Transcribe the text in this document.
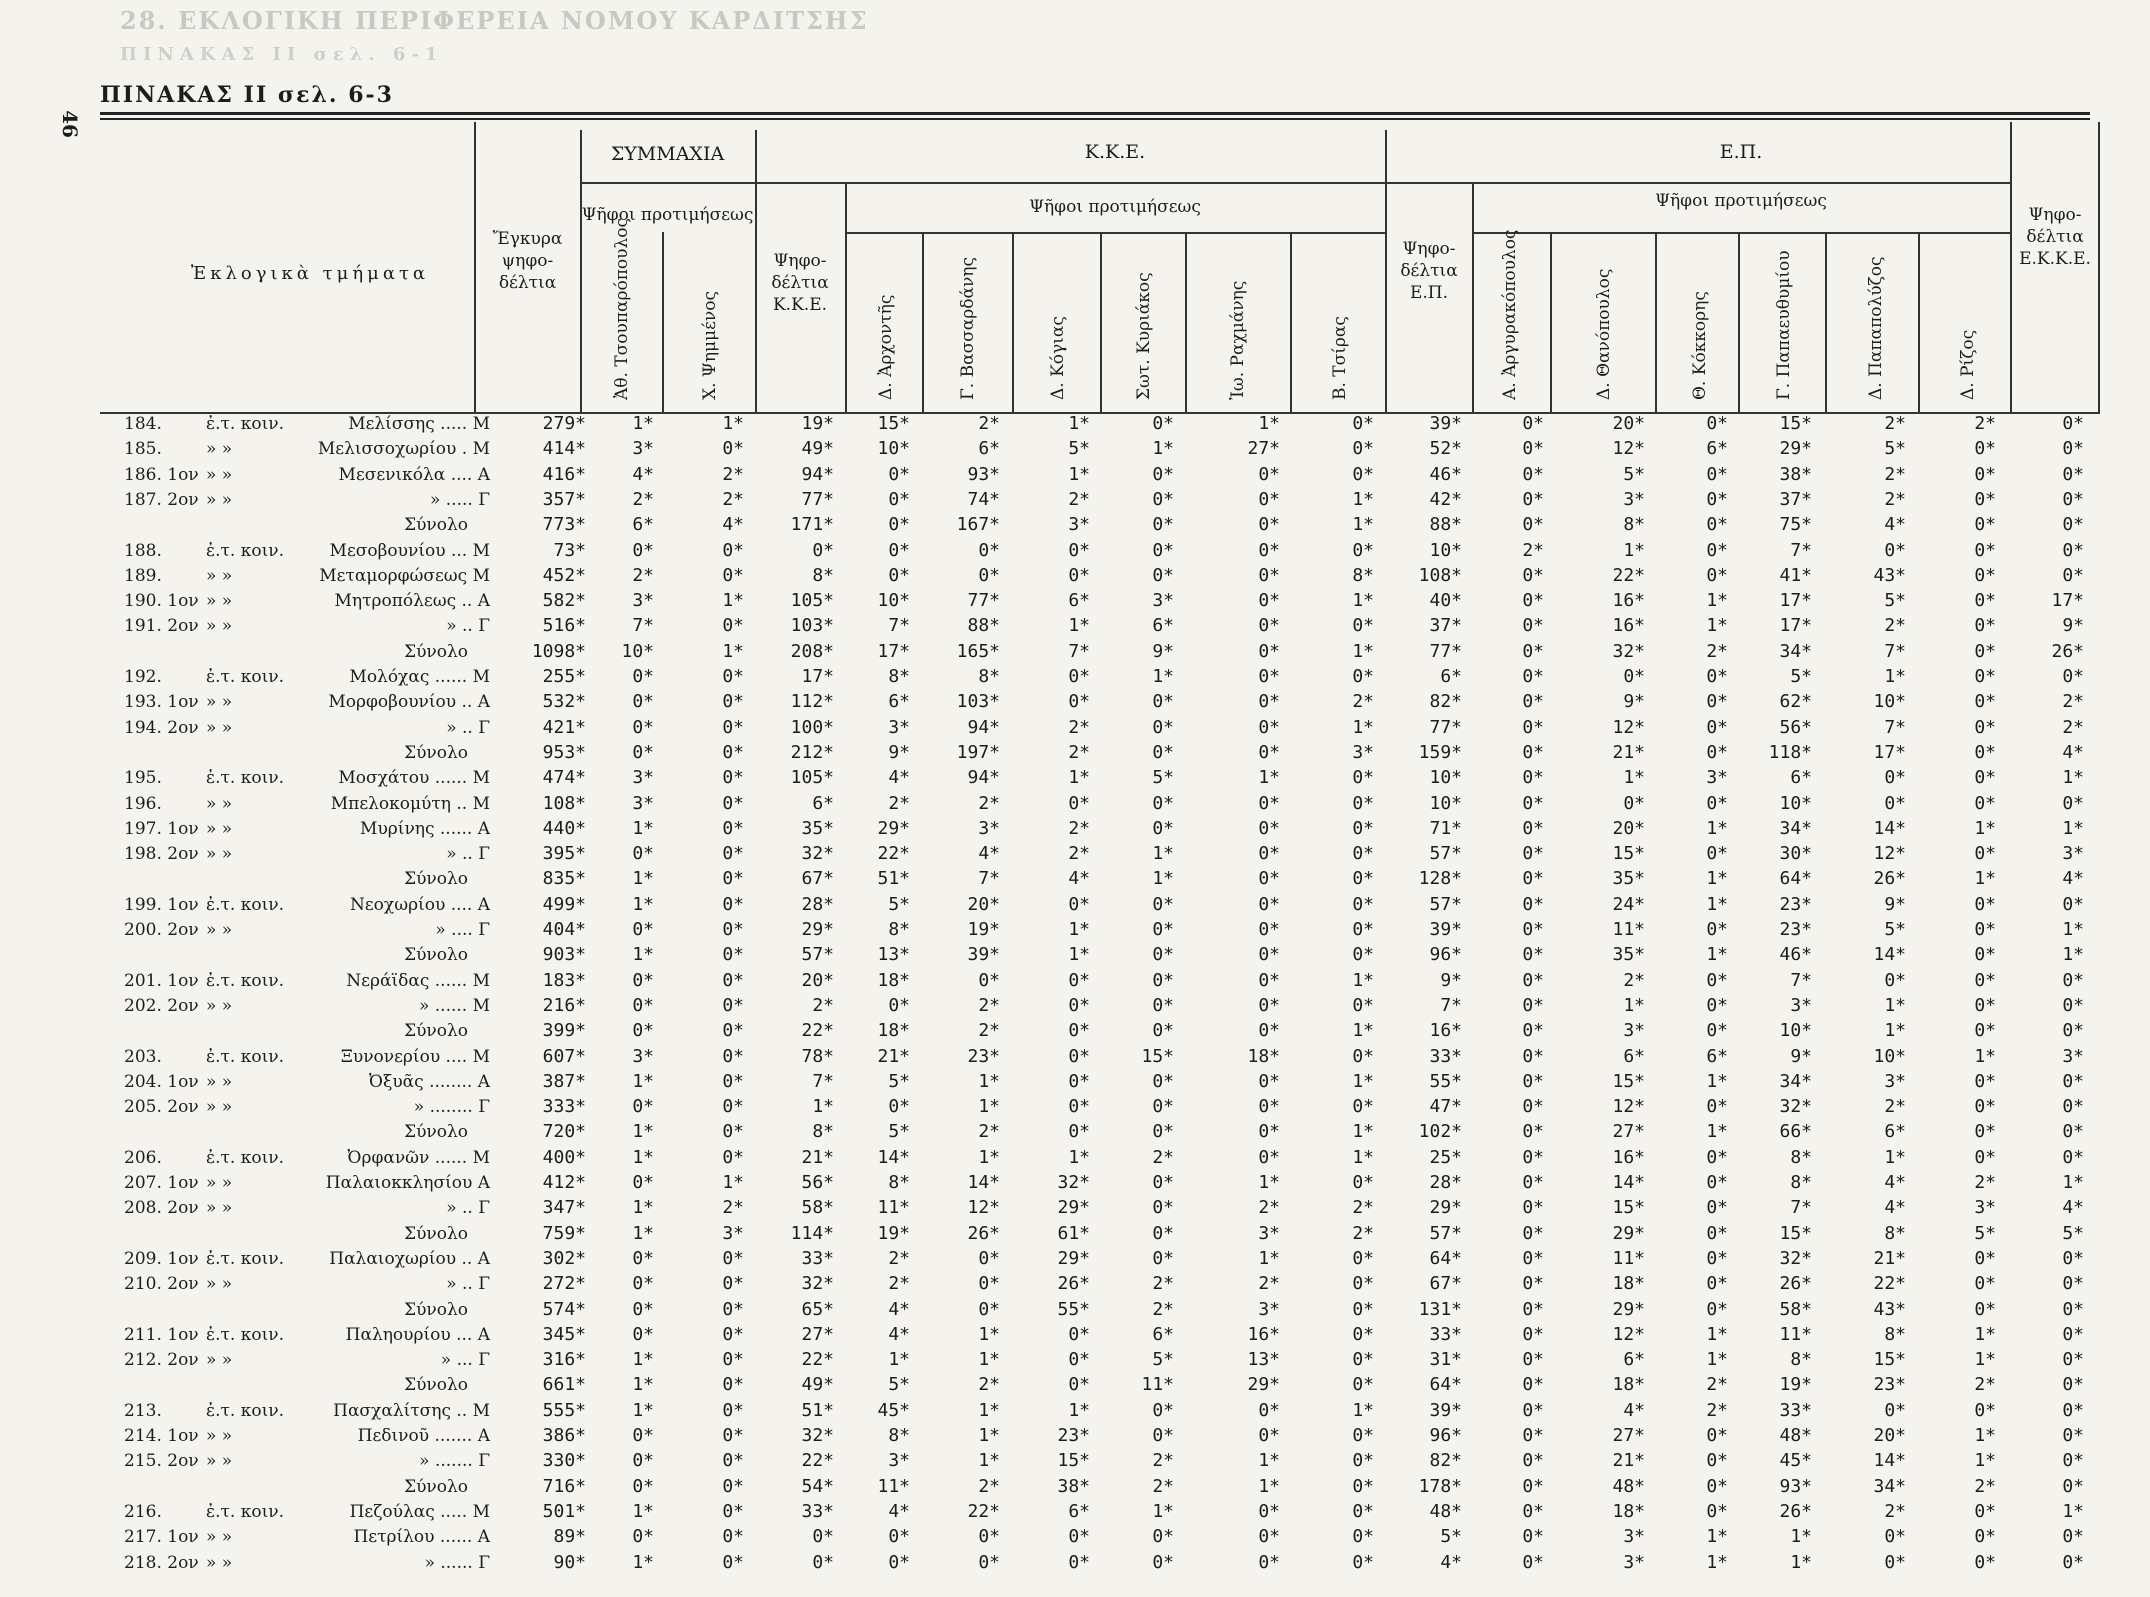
28. ΕΚΛΟΓΙΚΗ ΠΕΡΙΦΕΡΕΙΑ ΝΟΜΟΥ ΚΑΡΔΙΤΣΗΣ
ΠΙΝΑΚΑΣ ΙΙ σελ. 6-1
46
ΠΙΝΑΚΑΣ ΙΙ σελ. 6-3
Ἐκλογικὰ τμήματα
Ἔγκυρα ψηφο-δέλτια
ΣΥΜΜΑΧΙΑ
Ψῆφοι προτιμήσεως
Κ.Κ.Ε.
Ψηφο-δέλτια Κ.Κ.Ε.
Ψῆφοι προτιμήσεως
Ε.Π.
Ψηφο-δέλτια Ε.Π.
Ψῆφοι προτιμήσεως
Ψηφο-δέλτια Ε.Κ.Κ.Ε.
Ἀθ. Τσουπαρόπουλος	Χ. Ψημμένος	Δ. Ἀρχοντῆς	Γ. Βασσαρδάνης	Δ. Κόγιας	Σωτ. Κυριάκος	Ἰω. Ραχμάνης	Β. Τσίρας	Α. Ἀργυρακόπουλος	Δ. Θανόπουλος	Θ. Κόκκορης	Γ. Παπαευθυμίου	Δ. Παπαπολύζος	Δ. Ρίζος
184.	ἐ.τ. κοιν.	Μελίσσης ..... Μ	279*	1*	1*	19*	15*	2*	1*	0*	1*	0*	39*	0*	20*	0*	15*	2*	2*	0*
185.	» »	Μελισσοχωρίου . Μ	414*	3*	0*	49*	10*	6*	5*	1*	27*	0*	52*	0*	12*	6*	29*	5*	0*	0*
186. 1ον » »	Μεσενικόλα .... Α	416*	4*	2*	94*	0*	93*	1*	0*	0*	0*	46*	0*	5*	0*	38*	2*	0*	0*
187. 2ον » »	» ..... Γ	357*	2*	2*	77*	0*	74*	2*	0*	0*	1*	42*	0*	3*	0*	37*	2*	0*	0*
Σύνολο	773*	6*	4*	171*	0*	167*	3*	0*	0*	1*	88*	0*	8*	0*	75*	4*	0*	0*
188.	ἐ.τ. κοιν.	Μεσοβουνίου ... Μ	73*	0*	0*	0*	0*	0*	0*	0*	0*	0*	10*	2*	1*	0*	7*	0*	0*	0*
189.	» »	Μεταμορφώσεως Μ	452*	2*	0*	8*	0*	0*	0*	0*	0*	8*	108*	0*	22*	0*	41*	43*	0*	0*
190. 1ον » »	Μητροπόλεως .. Α	582*	3*	1*	105*	10*	77*	6*	3*	0*	1*	40*	0*	16*	1*	17*	5*	0*	17*
191. 2ον » »	» .. Γ	516*	7*	0*	103*	7*	88*	1*	6*	0*	0*	37*	0*	16*	1*	17*	2*	0*	9*
Σύνολο	1098*	10*	1*	208*	17*	165*	7*	9*	0*	1*	77*	0*	32*	2*	34*	7*	0*	26*
192.	ἐ.τ. κοιν.	Μολόχας ...... Μ	255*	0*	0*	17*	8*	8*	0*	1*	0*	0*	6*	0*	0*	0*	5*	1*	0*	0*
193. 1ον » »	Μορφοβουνίου .. Α	532*	0*	0*	112*	6*	103*	0*	0*	0*	2*	82*	0*	9*	0*	62*	10*	0*	2*
194. 2ον » »	» .. Γ	421*	0*	0*	100*	3*	94*	2*	0*	0*	1*	77*	0*	12*	0*	56*	7*	0*	2*
Σύνολο	953*	0*	0*	212*	9*	197*	2*	0*	0*	3*	159*	0*	21*	0*	118*	17*	0*	4*
195.	ἐ.τ. κοιν.	Μοσχάτου ...... Μ	474*	3*	0*	105*	4*	94*	1*	5*	1*	0*	10*	0*	1*	3*	6*	0*	0*	1*
196.	» »	Μπελοκομύτη .. Μ	108*	3*	0*	6*	2*	2*	0*	0*	0*	0*	10*	0*	0*	0*	10*	0*	0*	0*
197. 1ον » »	Μυρίνης ...... Α	440*	1*	0*	35*	29*	3*	2*	0*	0*	0*	71*	0*	20*	1*	34*	14*	1*	1*
198. 2ον » »	» .. Γ	395*	0*	0*	32*	22*	4*	2*	1*	0*	0*	57*	0*	15*	0*	30*	12*	0*	3*
Σύνολο	835*	1*	0*	67*	51*	7*	4*	1*	0*	0*	128*	0*	35*	1*	64*	26*	1*	4*
199. 1ον ἐ.τ. κοιν.	Νεοχωρίου .... Α	499*	1*	0*	28*	5*	20*	0*	0*	0*	0*	57*	0*	24*	1*	23*	9*	0*	0*
200. 2ον » »	» .... Γ	404*	0*	0*	29*	8*	19*	1*	0*	0*	0*	39*	0*	11*	0*	23*	5*	0*	1*
Σύνολο	903*	1*	0*	57*	13*	39*	1*	0*	0*	0*	96*	0*	35*	1*	46*	14*	0*	1*
201. 1ον ἐ.τ. κοιν.	Νεράϊδας ...... Μ	183*	0*	0*	20*	18*	0*	0*	0*	0*	1*	9*	0*	2*	0*	7*	0*	0*	0*
202. 2ον » »	» ...... Μ	216*	0*	0*	2*	0*	2*	0*	0*	0*	0*	7*	0*	1*	0*	3*	1*	0*	0*
Σύνολο	399*	0*	0*	22*	18*	2*	0*	0*	0*	1*	16*	0*	3*	0*	10*	1*	0*	0*
203.	ἐ.τ. κοιν.	Ξυνονερίου .... Μ	607*	3*	0*	78*	21*	23*	0*	15*	18*	0*	33*	0*	6*	6*	9*	10*	1*	3*
204. 1ον » »	Ὀξυᾶς ........ Α	387*	1*	0*	7*	5*	1*	0*	0*	0*	1*	55*	0*	15*	1*	34*	3*	0*	0*
205. 2ον » »	» ........ Γ	333*	0*	0*	1*	0*	1*	0*	0*	0*	0*	47*	0*	12*	0*	32*	2*	0*	0*
Σύνολο	720*	1*	0*	8*	5*	2*	0*	0*	0*	1*	102*	0*	27*	1*	66*	6*	0*	0*
206.	ἐ.τ. κοιν.	Ὀρφανῶν ...... Μ	400*	1*	0*	21*	14*	1*	1*	2*	0*	1*	25*	0*	16*	0*	8*	1*	0*	0*
207. 1ον » »	Παλαιοκκλησίου Α	412*	0*	1*	56*	8*	14*	32*	0*	1*	0*	28*	0*	14*	0*	8*	4*	2*	1*
208. 2ον » »	» .. Γ	347*	1*	2*	58*	11*	12*	29*	0*	2*	2*	29*	0*	15*	0*	7*	4*	3*	4*
Σύνολο	759*	1*	3*	114*	19*	26*	61*	0*	3*	2*	57*	0*	29*	0*	15*	8*	5*	5*
209. 1ον ἐ.τ. κοιν.	Παλαιοχωρίου .. Α	302*	0*	0*	33*	2*	0*	29*	0*	1*	0*	64*	0*	11*	0*	32*	21*	0*	0*
210. 2ον » »	» .. Γ	272*	0*	0*	32*	2*	0*	26*	2*	2*	0*	67*	0*	18*	0*	26*	22*	0*	0*
Σύνολο	574*	0*	0*	65*	4*	0*	55*	2*	3*	0*	131*	0*	29*	0*	58*	43*	0*	0*
211. 1ον ἐ.τ. κοιν.	Παληουρίου ... Α	345*	0*	0*	27*	4*	1*	0*	6*	16*	0*	33*	0*	12*	1*	11*	8*	1*	0*
212. 2ον » »	» ... Γ	316*	1*	0*	22*	1*	1*	0*	5*	13*	0*	31*	0*	6*	1*	8*	15*	1*	0*
Σύνολο	661*	1*	0*	49*	5*	2*	0*	11*	29*	0*	64*	0*	18*	2*	19*	23*	2*	0*
213.	ἐ.τ. κοιν.	Πασχαλίτσης .. Μ	555*	1*	0*	51*	45*	1*	1*	0*	0*	1*	39*	0*	4*	2*	33*	0*	0*	0*
214. 1ον » »	Πεδινοῦ ....... Α	386*	0*	0*	32*	8*	1*	23*	0*	0*	0*	96*	0*	27*	0*	48*	20*	1*	0*
215. 2ον » »	» ....... Γ	330*	0*	0*	22*	3*	1*	15*	2*	1*	0*	82*	0*	21*	0*	45*	14*	1*	0*
Σύνολο	716*	0*	0*	54*	11*	2*	38*	2*	1*	0*	178*	0*	48*	0*	93*	34*	2*	0*
216.	ἐ.τ. κοιν.	Πεζούλας ..... Μ	501*	1*	0*	33*	4*	22*	6*	1*	0*	0*	48*	0*	18*	0*	26*	2*	0*	1*
217. 1ον » »	Πετρίλου ...... Α	89*	0*	0*	0*	0*	0*	0*	0*	0*	0*	5*	0*	3*	1*	1*	0*	0*	0*
218. 2ον » »	» ...... Γ	90*	1*	0*	0*	0*	0*	0*	0*	0*	0*	4*	0*	3*	1*	1*	0*	0*	0*
